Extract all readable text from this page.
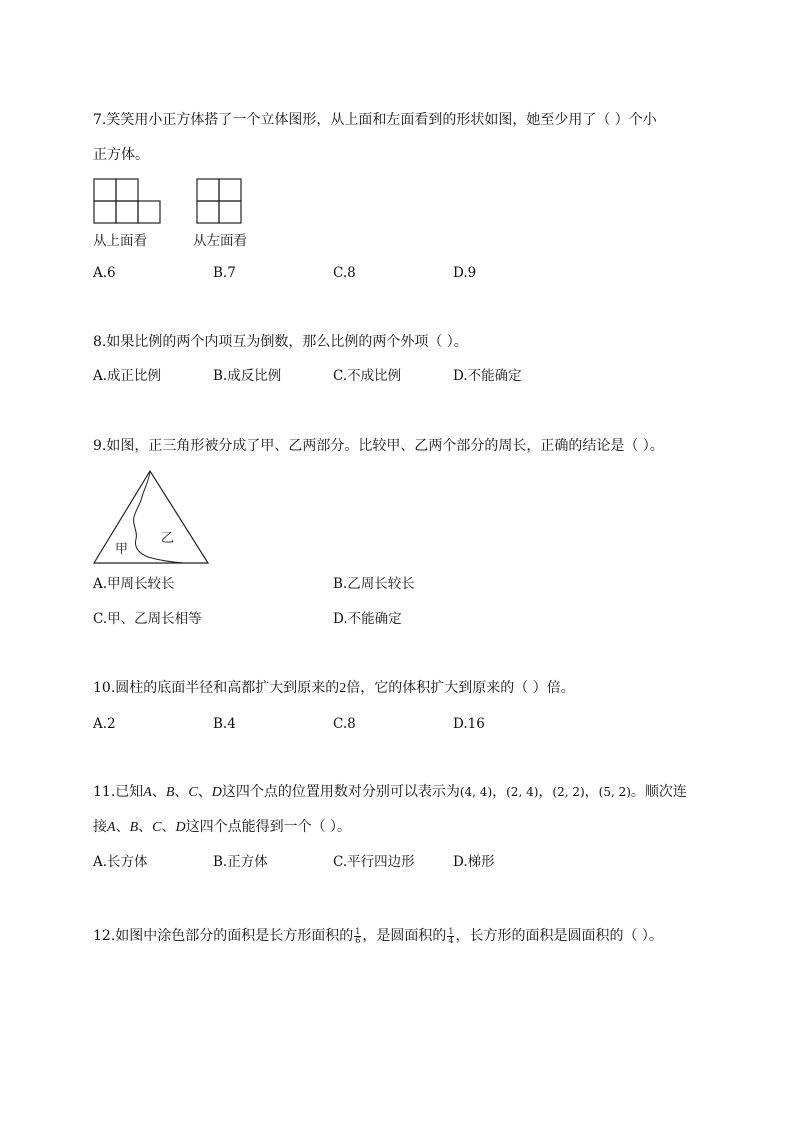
7.笑笑用小正方体搭了一个立体图形，从上面和左面看到的形状如图，她至少用了（ ）个小
正方体。
从上面看	从左面看
A.6	B.7	C.8	D.9
8.如果比例的两个内项互为倒数，那么比例的两个外项（ ）。
A.成正比例	B.成反比例	C.不成比例	D.不能确定
9.如图，正三角形被分成了甲、乙两部分。比较甲、乙两个部分的周长，正确的结论是（ ）。
甲
乙
A.甲周长较长	B.乙周长较长
C.甲、乙周长相等	D.不能确定
10.圆柱的底面半径和高都扩大到原来的2倍，它的体积扩大到原来的（ ）倍。
A.2	B.4	C.8	D.16
11.已知A、B、C、D这四个点的位置用数对分别可以表示为(4, 4)，(2, 4)，(2, 2)，(5, 2)。顺次连
接A、B、C、D这四个点能得到一个（ ）。
A.长方体	B.正方体	C.平行四边形	D.梯形
12.如图中涂色部分的面积是长方形面积的 $\frac{1}{6}$ ，是圆面积的 $\frac{1}{4}$ ，长方形的面积是圆面积的（ ）。
